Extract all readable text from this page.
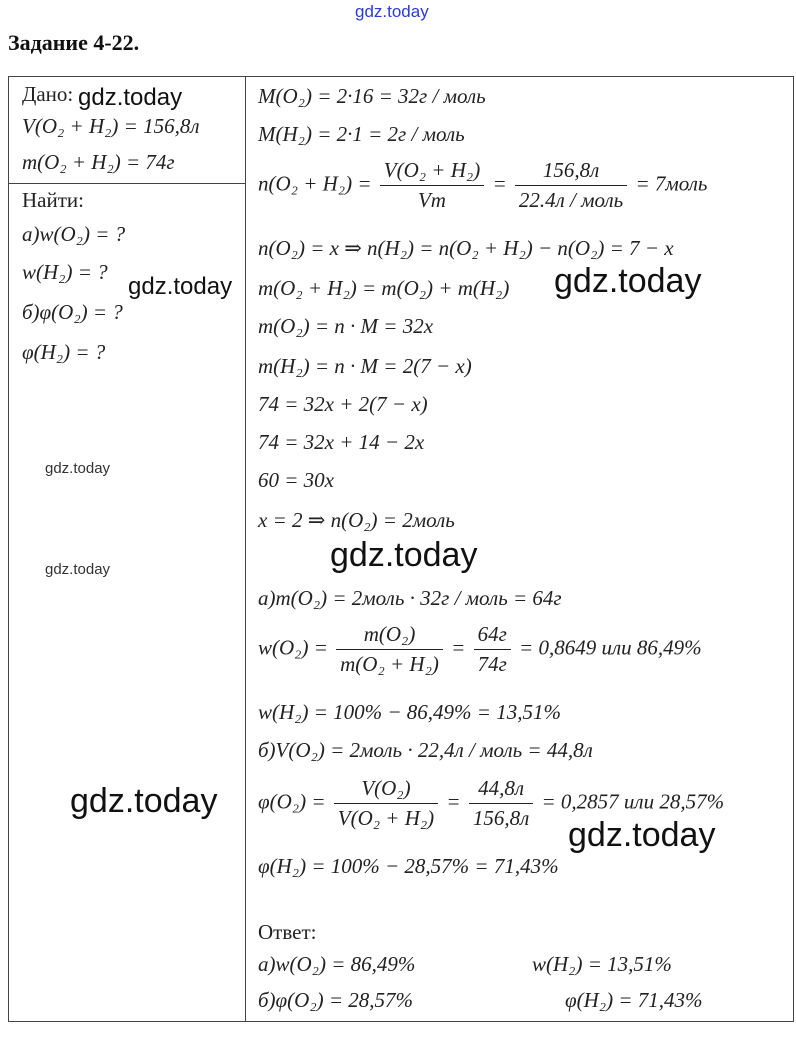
gdz.today
gdz.today
gdz.today	gdz.today
gdz.today
gdz.today
gdz.today
gdz.today
gdz.today
Задание 4-22.
Дано:
V(O₂ + H₂) = 156,8л
m(O₂ + H₂) = 74г
Найти:
а)w(O₂) = ?
w(H₂) = ?
б)φ(O₂) = ?
φ(H₂) = ?
M(O₂) = 2·16 = 32г / моль
M(H₂) = 2·1 = 2г / моль
$n(O_2 + H_2) = \frac{\text{V(O₂ + H₂)}}{Vm} = \frac{156,8л}{\text{22.4л / моль}}$ = 7моль
n(O₂) = x ⇒ n(H₂) = n(O₂ + H₂) − n(O₂) = 7 − x
m(O₂ + H₂) = m(O₂) + m(H₂)
m(O₂) = n · M = 32x
m(H₂) = n · M = 2(7 − x)
74 = 32x + 2(7 − x)
74 = 32x + 14 − 2x
60 = 30x
x = 2 ⇒ n(O₂) = 2моль
а)m(O₂) = 2моль · 32г / моль = 64г
$w(O_2) = \frac{\text{m(O₂)}}{\text{m(O₂ + H₂)}} = \frac{64г}{74г} = 0,8649$ или 86,49%
w(H₂) = 100% − 86,49% = 13,51%
б)V(O₂) = 2моль · 22,4л / моль = 44,8л
$\varphi(O_2) = \frac{\text{V(O₂)}}{\text{V(O₂ + H₂)}} = \frac{44,8л}{156,8л} = 0,2857$ или 28,57%
φ(H₂) = 100% − 28,57% = 71,43%
Ответ:
а)w(O₂) = 86,49%	w(H₂) = 13,51%
б)φ(O₂) = 28,57%	φ(H₂) = 71,43%
